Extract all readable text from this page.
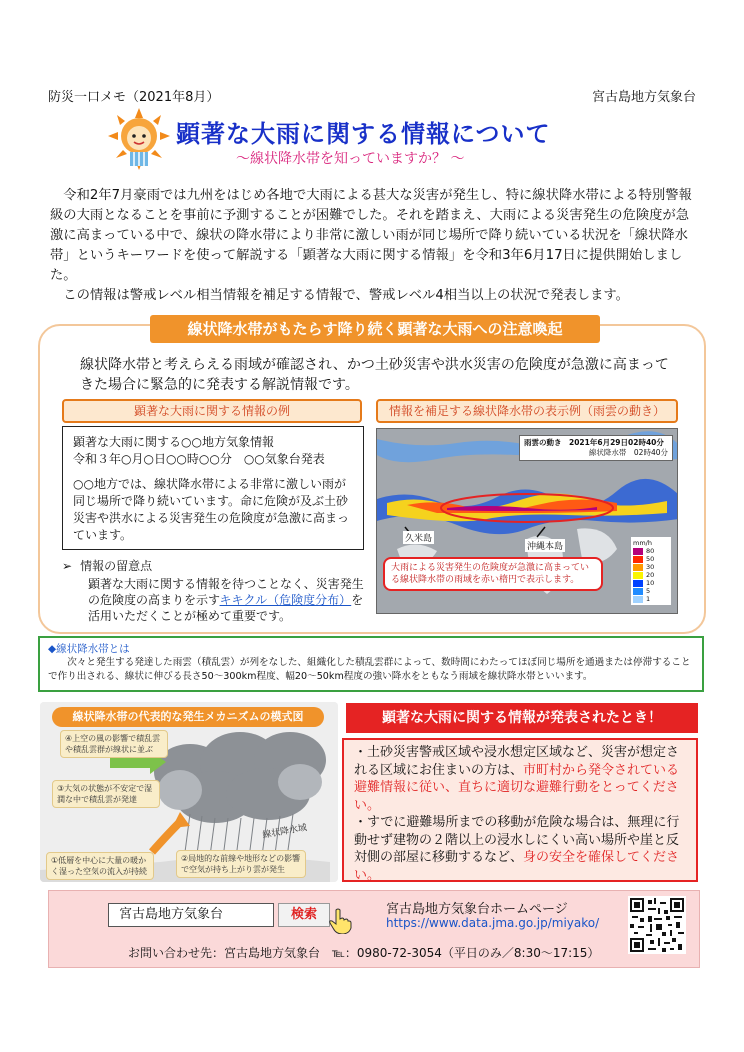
防災一口メモ（2021年8月）	宮古島地方気象台
顕著な大雨に関する情報について
～線状降水帯を知っていますか？ ～

令和2年7月豪雨では九州をはじめ各地で大雨による甚大な災害が発生し、特に線状降水帯による特別警報級の大雨となることを事前に予測することが困難でした。それを踏まえ、大雨による災害発生の危険度が急激に高まっている中で、線状の降水帯により非常に激しい雨が同じ場所で降り続いている状況を「線状降水帯」というキーワードを使って解説する「顕著な大雨に関する情報」を令和3年6月17日に提供開始しました。

この情報は警戒レベル相当情報を補足する情報で、警戒レベル4相当以上の状況で発表します。

線状降水帯がもたらす降り続く顕著な大雨への注意喚起
線状降水帯と考えらえる雨域が確認され、かつ土砂災害や洪水災害の危険度が急激に高まってきた場合に緊急的に発表する解説情報です。
顕著な大雨に関する情報の例	情報を補足する線状降水帯の表示例（雨雲の動き）
顕著な大雨に関する○○地方気象情報
令和３年○月○日○○時○○分　○○気象台発表
○○地方では、線状降水帯による非常に激しい雨が同じ場所で降り続いています。命に危険が及ぶ土砂災害や洪水による災害発生の危険度が急激に高まっています。
➢ 情報の留意点
顕著な大雨に関する情報を待つことなく、災害発生の危険度の高まりを示すキキクル（危険度分布）を活用いただくことが極めて重要です。
雨雲の動き　2021年6月29日02時40分
線状降水帯　02時40分
久米島
沖縄本島
大雨による災害発生の危険度が急激に高まっている線状降水帯の雨域を赤い楕円で表示します。
mm/h
80
50
30
20
10
5
1
◆線状降水帯とは
次々と発生する発達した雨雲（積乱雲）が列をなした、組織化した積乱雲群によって、数時間にわたってほぼ同じ場所を通過または停滞することで作り出される、線状に伸びる長さ50～300km程度、幅20～50km程度の強い降水をともなう雨域を線状降水帯といいます。
④上空の風の影響で積乱雲や積乱雲群が線状に並ぶ
③大気の状態が不安定で湿潤な中で積乱雲が発達
②局地的な前線や地形などの影響で空気が持ち上がり雲が発生
①低層を中心に大量の暖かく湿った空気の流入が持続
線状降水域
線状降水帯の代表的な発生メカニズムの模式図	顕著な大雨に関する情報が発表されたとき！

・土砂災害警戒区域や浸水想定区域など、災害が想定される区域にお住まいの方は、市町村から発令されている避難情報に従い、直ちに適切な避難行動をとってください。

・すでに避難場所までの移動が危険な場合は、無理に行動せず建物の２階以上の浸水しにくい高い場所や崖と反対側の部屋に移動するなど、身の安全を確保してください。

宮古島地方気象台	検索	宮古島地方気象台ホームページ
https://www.data.jma.go.jp/miyako/
お問い合わせ先：宮古島地方気象台　℡：0980-72-3054（平日のみ／8:30～17:15）
